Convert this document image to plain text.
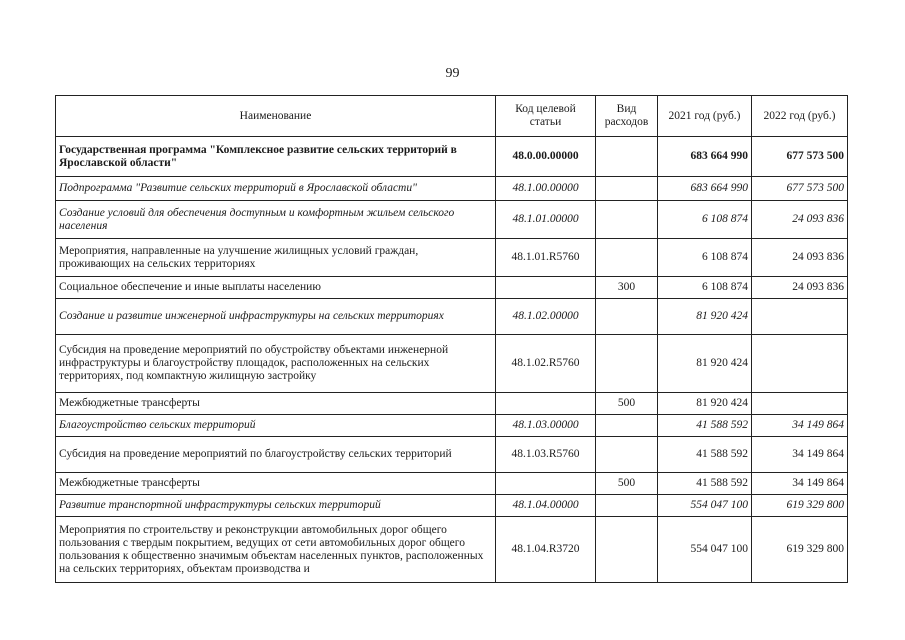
99
Наименование	Код целевой статьи	Вид расходов	2021 год (руб.)	2022 год (руб.)
Государственная программа "Комплексное развитие сельских территорий в Ярославской области"	48.0.00.00000		683 664 990	677 573 500
Подпрограмма "Развитие сельских территорий в Ярославской области"	48.1.00.00000		683 664 990	677 573 500
Создание условий для обеспечения доступным и комфортным жильем сельского населения	48.1.01.00000		6 108 874	24 093 836
Мероприятия, направленные на улучшение жилищных условий граждан, проживающих на сельских территориях	48.1.01.R5760		6 108 874	24 093 836
Социальное обеспечение и иные выплаты населению		300	6 108 874	24 093 836
Создание и развитие инженерной инфраструктуры на сельских территориях	48.1.02.00000		81 920 424	
Субсидия на проведение мероприятий по обустройству объектами инженерной инфраструктуры и благоустройству площадок, расположенных на сельских территориях, под компактную жилищную застройку	48.1.02.R5760		81 920 424	
Межбюджетные трансферты		500	81 920 424	
Благоустройство сельских территорий	48.1.03.00000		41 588 592	34 149 864
Субсидия на проведение мероприятий по благоустройству сельских территорий	48.1.03.R5760		41 588 592	34 149 864
Межбюджетные трансферты		500	41 588 592	34 149 864
Развитие транспортной инфраструктуры сельских территорий	48.1.04.00000		554 047 100	619 329 800
Мероприятия по строительству и реконструкции автомобильных дорог общего пользования с твердым покрытием, ведущих от сети автомобильных дорог общего пользования к общественно значимым объектам населенных пунктов, расположенных на сельских территориях, объектам производства и	48.1.04.R3720		554 047 100	619 329 800
